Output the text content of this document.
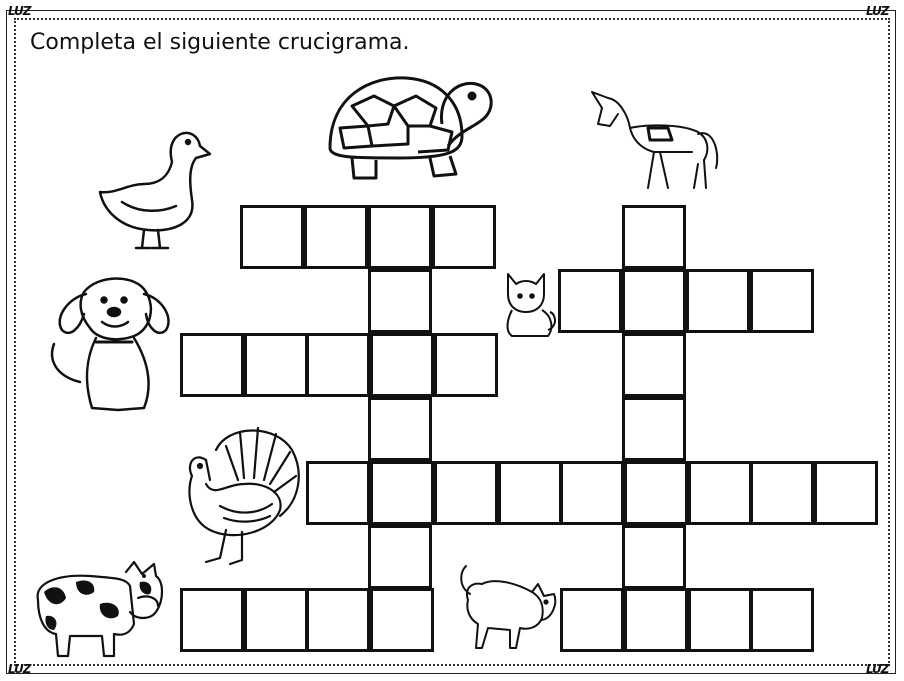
LUZ	LUZ
LUZ	LUZ
Completa el siguiente crucigrama.
